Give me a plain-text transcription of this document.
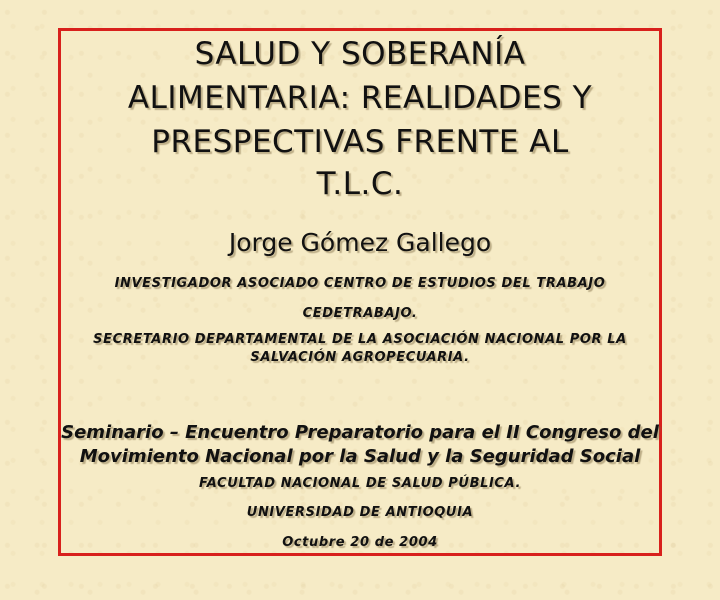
SALUD Y SOBERANÍA
ALIMENTARIA: REALIDADES Y
PRESPECTIVAS FRENTE AL
T.L.C.
Jorge Gómez Gallego
INVESTIGADOR ASOCIADO CENTRO DE ESTUDIOS DEL TRABAJO
CEDETRABAJO.
SECRETARIO DEPARTAMENTAL DE LA ASOCIACIÓN NACIONAL POR LA
SALVACIÓN AGROPECUARIA.
Seminario – Encuentro Preparatorio para el II Congreso del
Movimiento Nacional por la Salud y la Seguridad Social
FACULTAD NACIONAL DE SALUD PÚBLICA.
UNIVERSIDAD DE ANTIOQUIA
Octubre 20 de 2004
